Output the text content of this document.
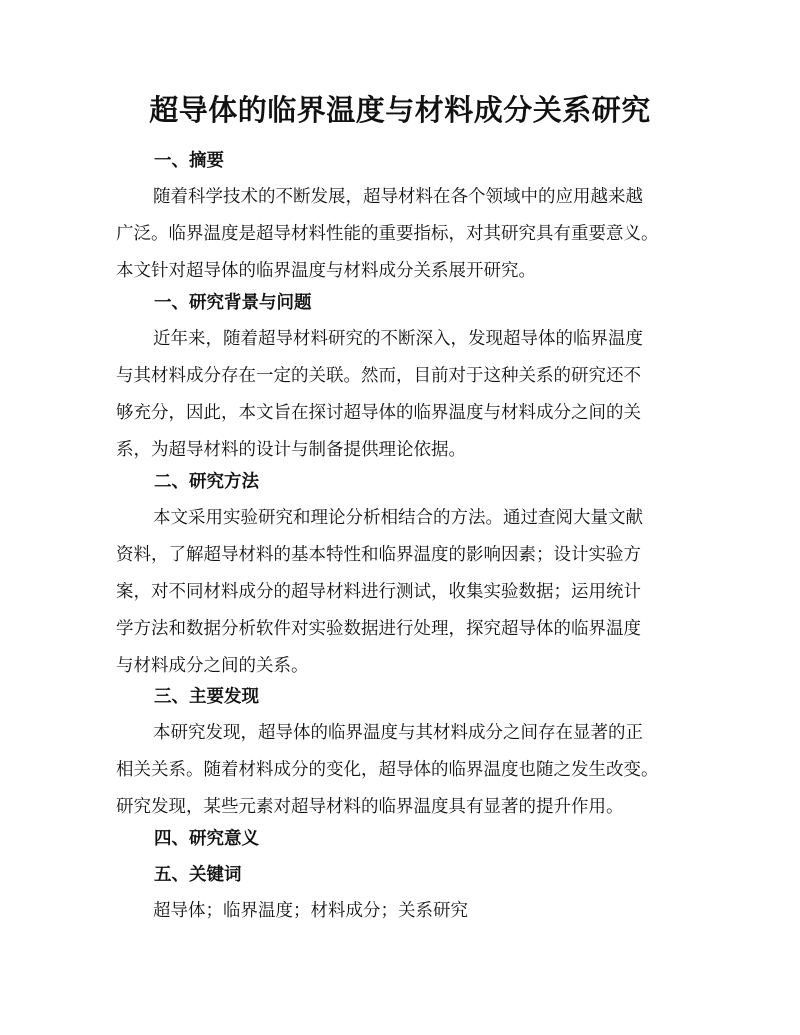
超导体的临界温度与材料成分关系研究
一、摘要
随着科学技术的不断发展，超导材料在各个领域中的应用越来越
广泛。临界温度是超导材料性能的重要指标，对其研究具有重要意义。
本文针对超导体的临界温度与材料成分关系展开研究。
一、研究背景与问题
近年来，随着超导材料研究的不断深入，发现超导体的临界温度
与其材料成分存在一定的关联。然而，目前对于这种关系的研究还不
够充分，因此，本文旨在探讨超导体的临界温度与材料成分之间的关
系，为超导材料的设计与制备提供理论依据。
二、研究方法
本文采用实验研究和理论分析相结合的方法。通过查阅大量文献
资料，了解超导材料的基本特性和临界温度的影响因素；设计实验方
案，对不同材料成分的超导材料进行测试，收集实验数据；运用统计
学方法和数据分析软件对实验数据进行处理，探究超导体的临界温度
与材料成分之间的关系。
三、主要发现
本研究发现，超导体的临界温度与其材料成分之间存在显著的正
相关关系。随着材料成分的变化，超导体的临界温度也随之发生改变。
研究发现，某些元素对超导材料的临界温度具有显著的提升作用。
四、研究意义
五、关键词
超导体；临界温度；材料成分；关系研究
